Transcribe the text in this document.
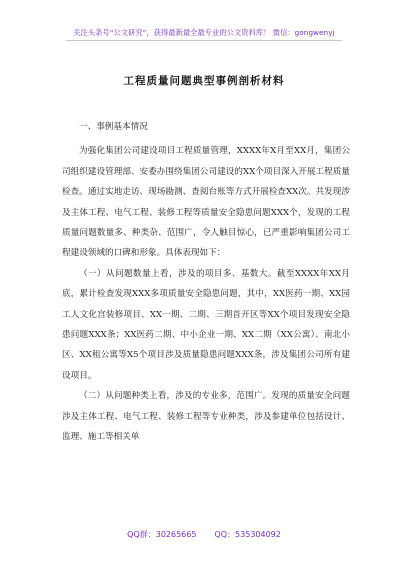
关注头条号“公文研究”，获得最新最全最专业的公文资料库！ 微信：gongwenyj
工程质量问题典型事例剖析材料

一、事例基本情况

为强化集团公司建设项目工程质量管理，XXXX年X月至XX月，集团公司组织建设管理部、安委办围绕集团公司建设的XX个项目深入开展工程质量检查。通过实地走访、现场勘测、查阅台账等方式开展检查XX次。共发现涉及主体工程、电气工程、装修工程等质量安全隐患问题XXX个，发现的工程质量问题数量多、种类杂、范围广，令人触目惊心，已严重影响集团公司工程建设领域的口碑和形象。具体表现如下：

（一）从问题数量上看，涉及的项目多、基数大。截至XXXX年XX月底，累计检查发现XXX多项质量安全隐患问题，其中，XX医药一期、XX园工人文化宫装修项目、XX一期、二期、三期首开区等XX个项目发现安全隐患问题XXX条；XX医药二期、中小企业一期、XX二期（XX公寓）、南北小区、XX租公寓等X5个项目涉及质量隐患问题XXX条，涉及集团公司所有建设项目。

（二）从问题种类上看，涉及的专业多，范围广。发现的质量安全问题涉及主体工程、电气工程、装修工程等专业种类，涉及参建单位包括设计、监理、施工等相关单

QQ群：30265665 QQ：535304092
